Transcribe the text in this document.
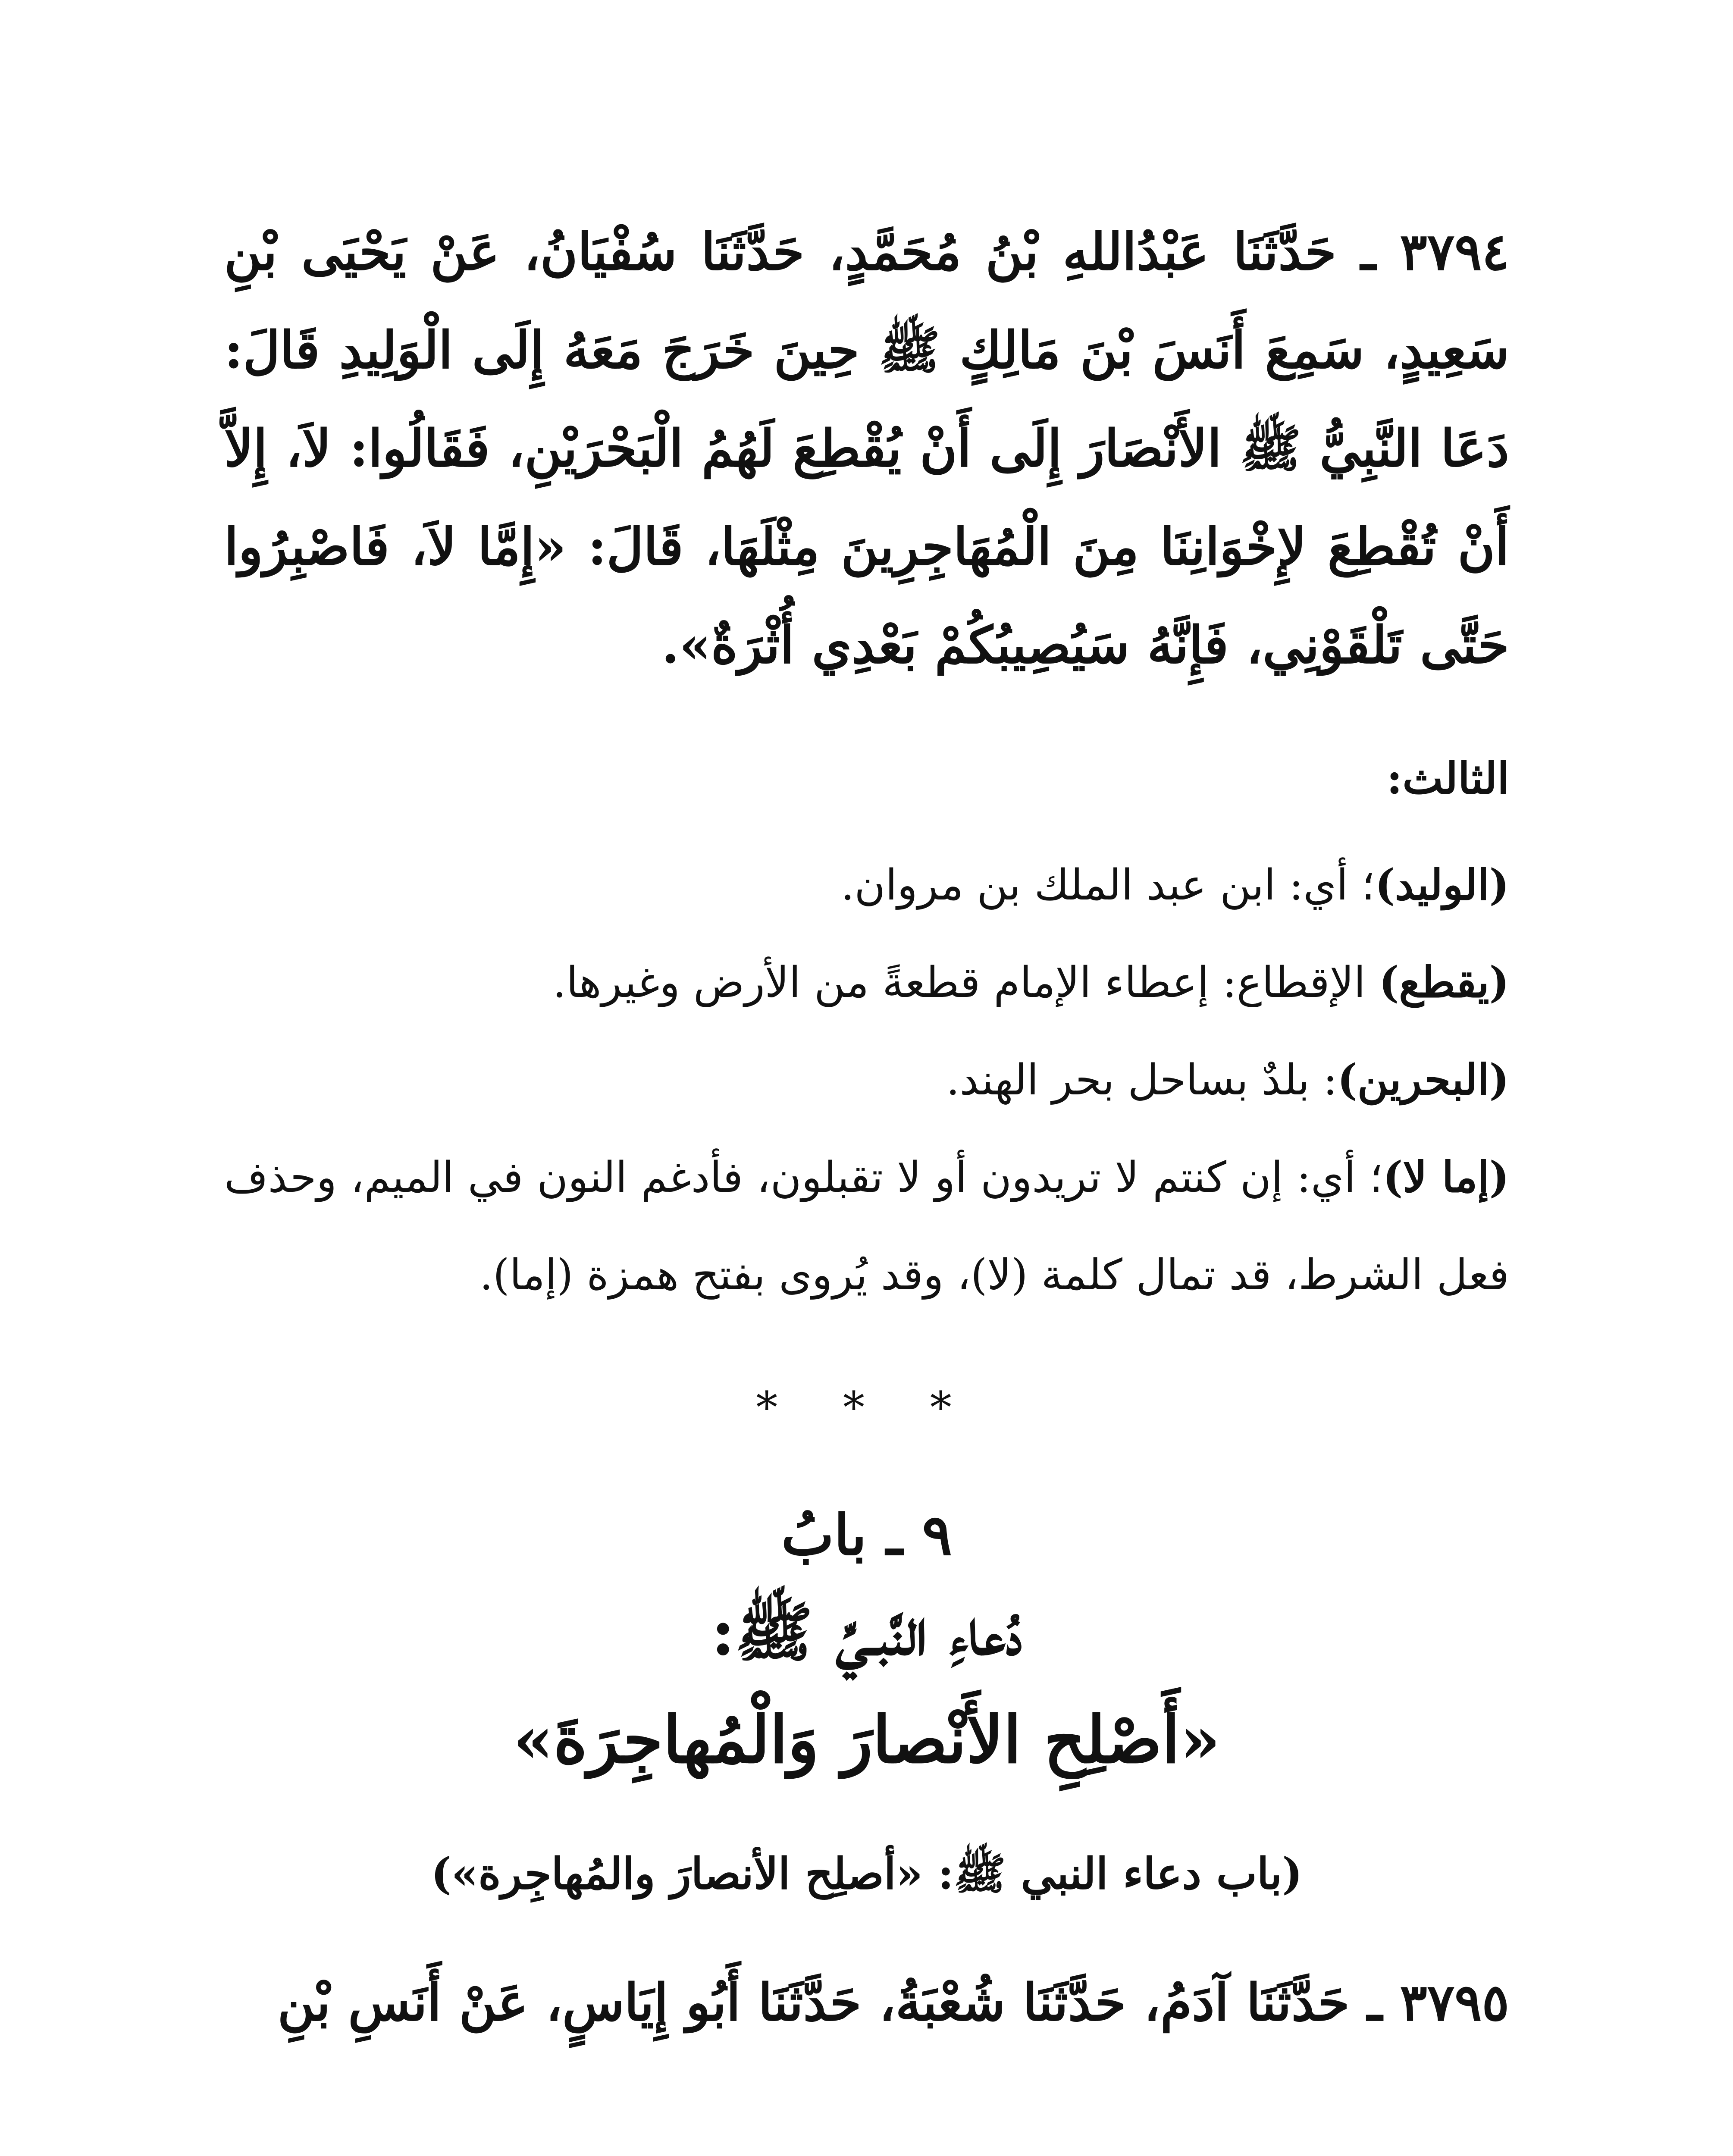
٣٧٩٤ ـ حَدَّثَنَا عَبْدُاللهِ بْنُ مُحَمَّدٍ، حَدَّثَنَا سُفْيَانُ، عَنْ يَحْيَى بْنِ سَعِيدٍ، سَمِعَ أَنَسَ بْنَ مَالِكٍ ﷺ حِينَ خَرَجَ مَعَهُ إِلَى الْوَلِيدِ قَالَ: دَعَا النَّبِيُّ ﷺ الأَنْصَارَ إِلَى أَنْ يُقْطِعَ لَهُمُ الْبَحْرَيْنِ، فَقَالُوا: لاَ، إِلاَّ أَنْ تُقْطِعَ لإِخْوَانِنَا مِنَ الْمُهَاجِرِينَ مِثْلَهَا، قَالَ: «إِمَّا لاَ، فَاصْبِرُوا حَتَّى تَلْقَوْنِي، فَإِنَّهُ سَيُصِيبُكُمْ بَعْدِي أُثْرَةٌ».

الثالث:

(الوليد)؛ أي: ابن عبد الملك بن مروان.

(يقطع) الإقطاع: إعطاء الإمام قطعةً من الأرض وغيرها.

(البحرين): بلدٌ بساحل بحر الهند.

(إما لا)؛ أي: إن كنتم لا تريدون أو لا تقبلون، فأدغم النون في الميم، وحذف فعل الشرط، قد تمال كلمة (لا)، وقد يُروى بفتح همزة (إما).

* * *
٩ ـ بابُ
دُعاءِ النَّبـيِّ ﷺ:
«أَصْلِحِ الأَنْصارَ وَالْمُهاجِرَةَ»
(باب دعاء النبي ﷺ: «أصلِح الأنصارَ والمُهاجِرة»)

٣٧٩٥ ـ حَدَّثَنَا آدَمُ، حَدَّثَنَا شُعْبَةُ، حَدَّثَنَا أَبُو إِيَاسٍ، عَنْ أَنَسِ بْنِ
